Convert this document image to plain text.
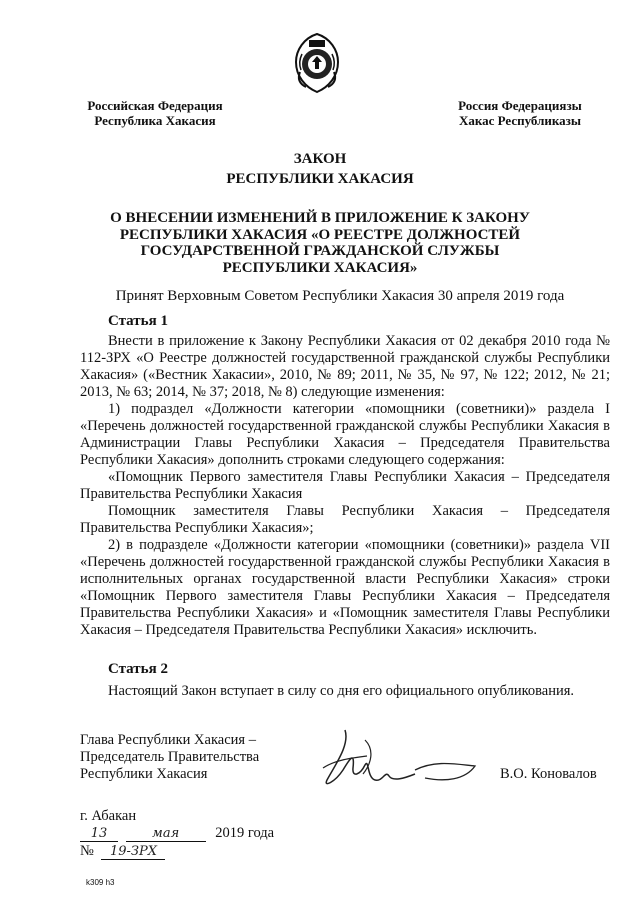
Российская Федерация
Республика Хакасия
Россия Федерациязы
Хакас Республиказы
ЗАКОН
РЕСПУБЛИКИ ХАКАСИЯ
О ВНЕСЕНИИ ИЗМЕНЕНИЙ В ПРИЛОЖЕНИЕ К ЗАКОНУ
РЕСПУБЛИКИ ХАКАСИЯ «О РЕЕСТРЕ ДОЛЖНОСТЕЙ
ГОСУДАРСТВЕННОЙ ГРАЖДАНСКОЙ СЛУЖБЫ
РЕСПУБЛИКИ ХАКАСИЯ»
Принят Верховным Советом Республики Хакасия 30 апреля 2019 года
Статья 1

Внести в приложение к Закону Республики Хакасия от 02 декабря 2010 года № 112-ЗРХ «О Реестре должностей государственной гражданской службы Республики Хакасия» («Вестник Хакасии», 2010, № 89; 2011, № 35, № 97, № 122; 2012, № 21; 2013, № 63; 2014, № 37; 2018, № 8) следующие изменения:

1) подраздел «Должности категории «помощники (советники)» раздела I «Перечень должностей государственной гражданской службы Республики Хакасия в Администрации Главы Республики Хакасия – Председателя Правительства Республики Хакасия» дополнить строками следующего содержания:

«Помощник Первого заместителя Главы Республики Хакасия – Председателя Правительства Республики Хакасия

Помощник заместителя Главы Республики Хакасия – Председателя Правительства Республики Хакасия»;

2) в подразделе «Должности категории «помощники (советники)» раздела VII «Перечень должностей государственной гражданской службы Республики Хакасия в исполнительных органах государственной власти Республики Хакасия» строки «Помощник Первого заместителя Главы Республики Хакасия – Председателя Правительства Республики Хакасия» и «Помощник заместителя Главы Республики Хакасия – Председателя Правительства Республики Хакасия» исключить.

Статья 2

Настоящий Закон вступает в силу со дня его официального опубликования.

Глава Республики Хакасия –
Председатель Правительства
Республики Хакасия	В.О. Коновалов
г. Абакан
13	мая 2019 года
№ 19-ЗРХ
k309 h3
